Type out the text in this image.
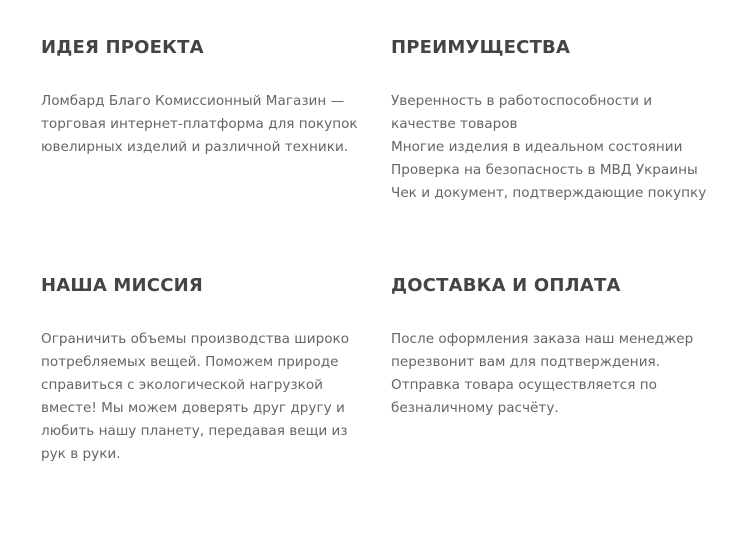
ИДЕЯ ПРОЕКТА

Ломбард Благо Комиссионный Магазин — торговая интернет-платформа для покупок ювелирных изделий и различной техники.

ПРЕИМУЩЕСТВА
Уверенность в работоспособности и качестве товаров
Многие изделия в идеальном состоянии
Проверка на безопасность в МВД Украины
Чек и документ, подтверждающие покупку
НАША МИССИЯ

Ограничить объемы производства широко потребляемых вещей. Поможем природе справиться с экологической нагрузкой вместе! Мы можем доверять друг другу и любить нашу планету, передавая вещи из рук в руки.

ДОСТАВКА И ОПЛАТА

После оформления заказа наш менеджер перезвонит вам для подтверждения. Отправка товара осуществляется по безналичному расчёту.
